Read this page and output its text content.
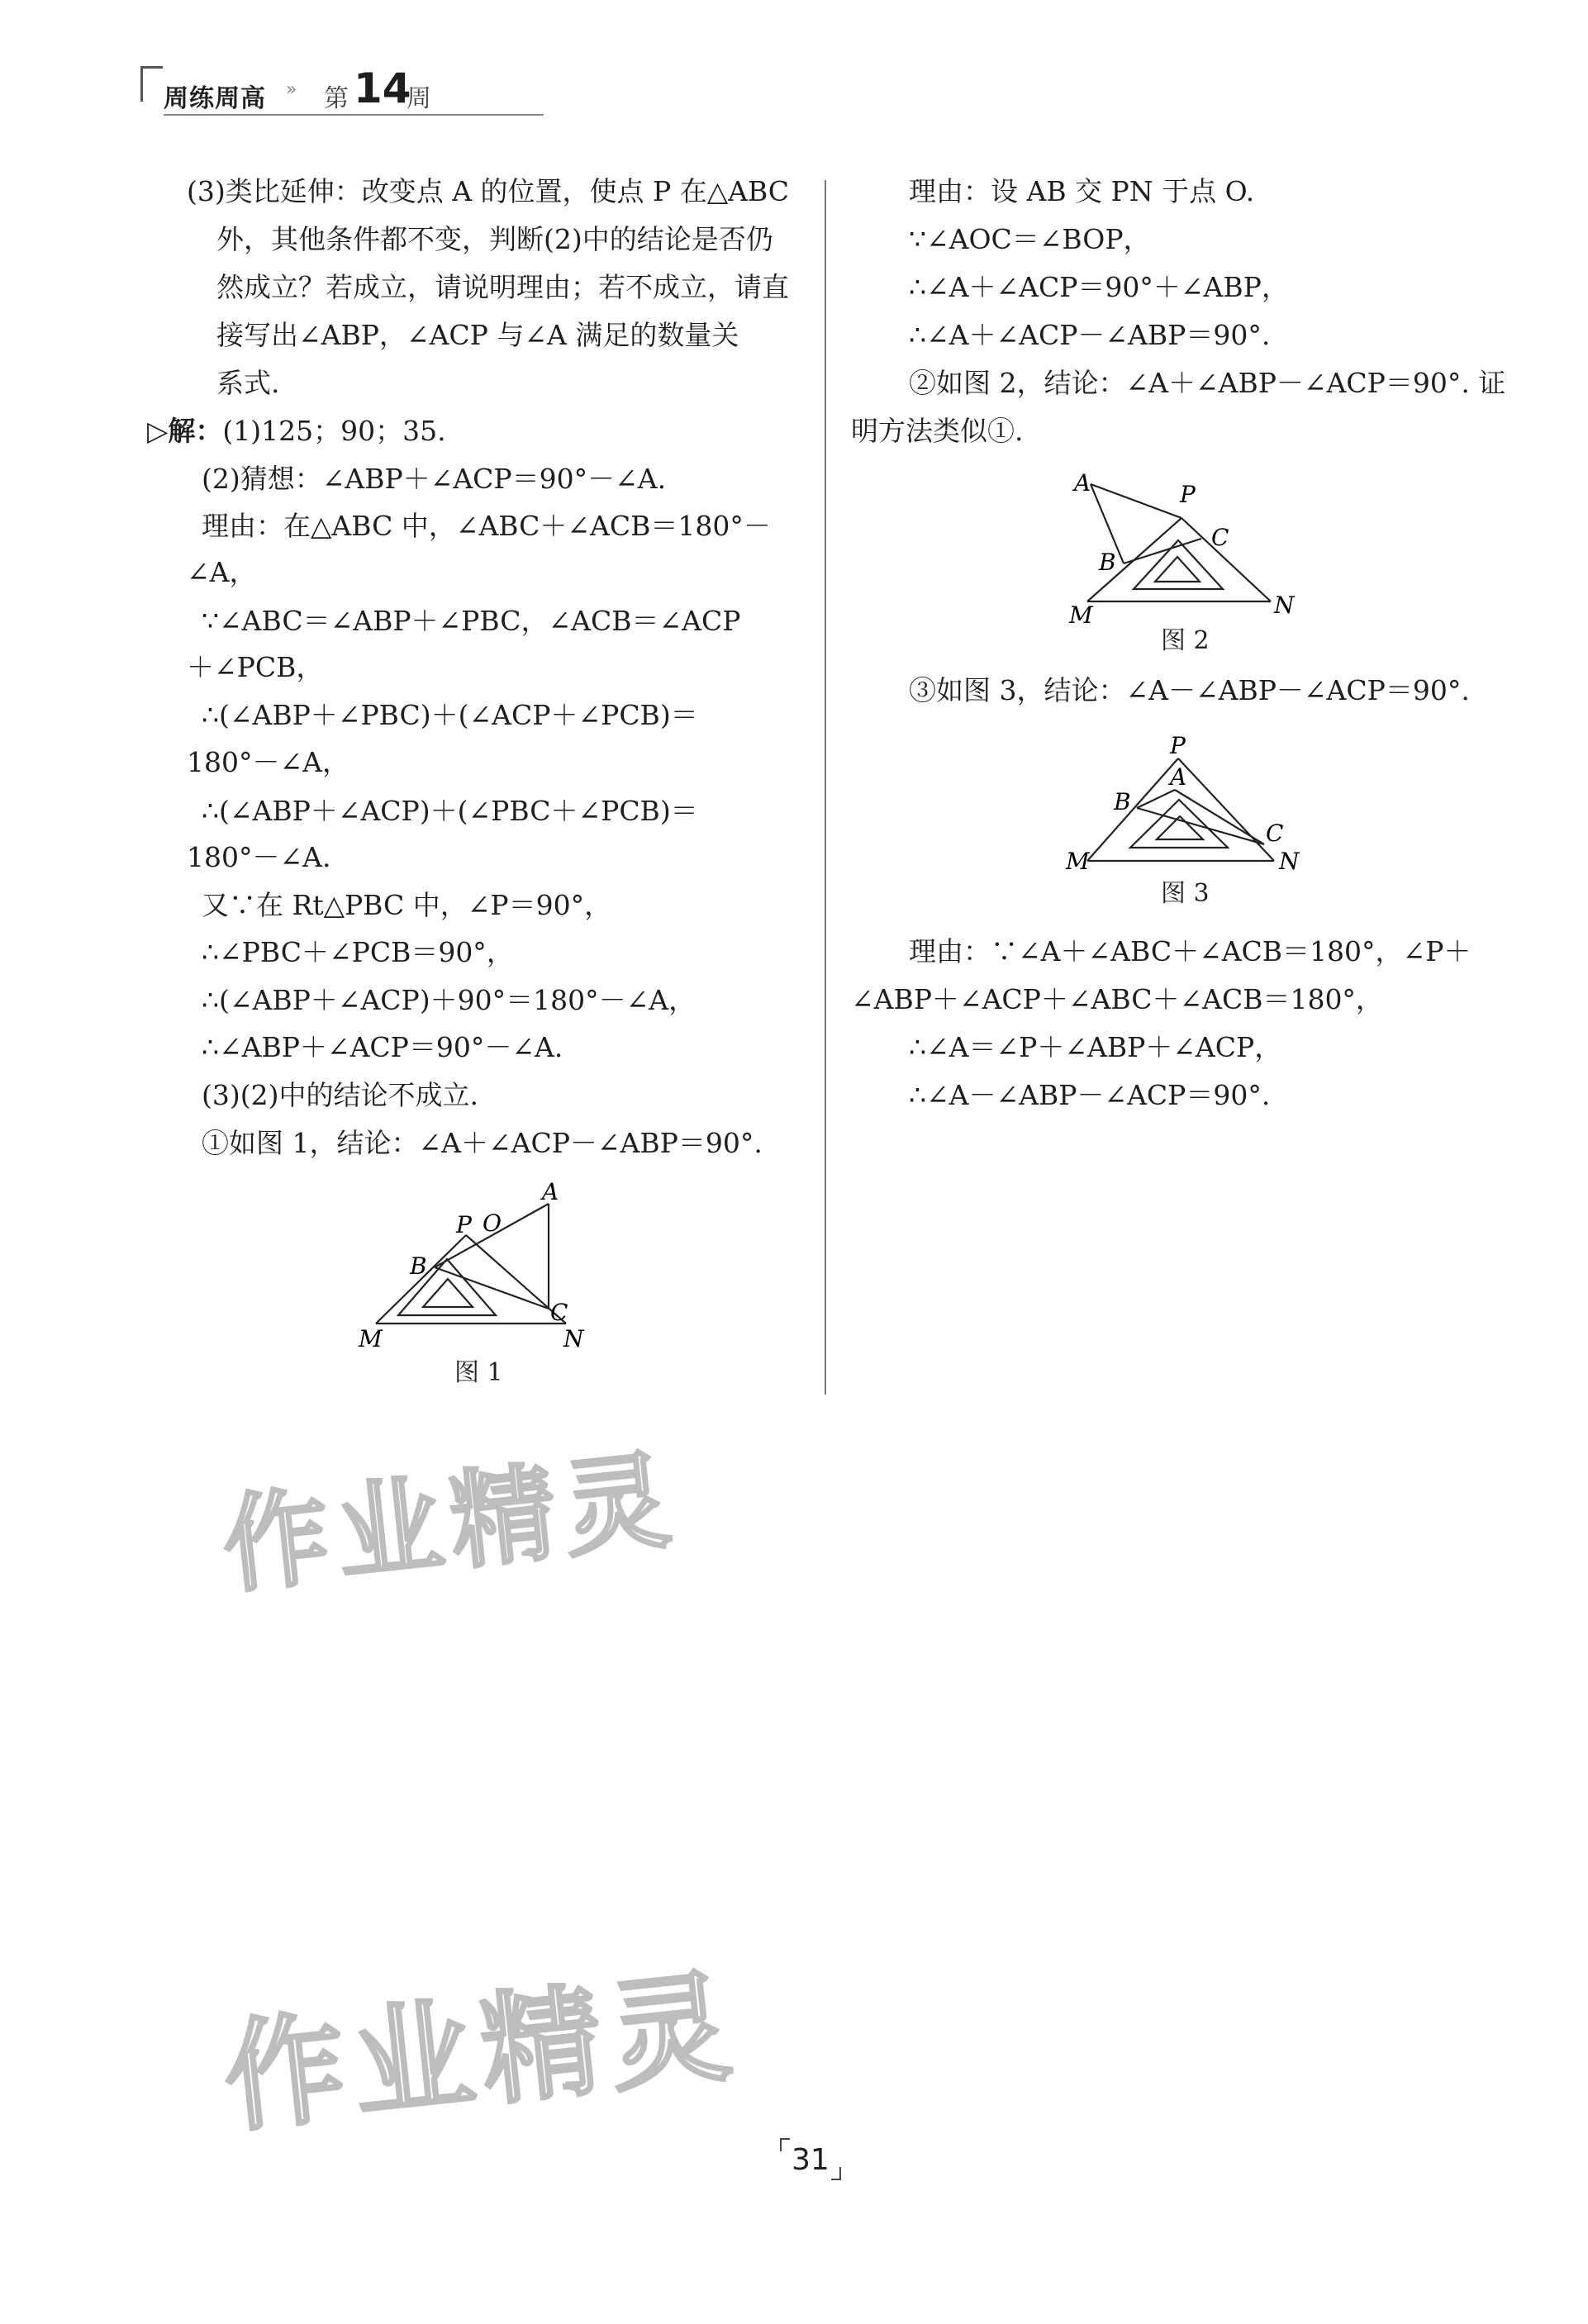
周练周高 » 第 14
周
(3)类比延伸：改变点 A 的位置，使点 P 在△ABC
外，其他条件都不变，判断(2)中的结论是否仍
然成立？若成立，请说明理由；若不成立，请直
接写出∠ABP，∠ACP 与∠A 满足的数量关
系式.
▷解：(1)125；90；35.
(2)猜想：∠ABP＋∠ACP＝90°－∠A.
理由：在△ABC 中，∠ABC＋∠ACB＝180°－
∠A，
∵∠ABC＝∠ABP＋∠PBC，∠ACB＝∠ACP
＋∠PCB，
∴(∠ABP＋∠PBC)＋(∠ACP＋∠PCB)＝
180°－∠A，
∴(∠ABP＋∠ACP)＋(∠PBC＋∠PCB)＝
180°－∠A.
又∵在 Rt△PBC 中，∠P＝90°，
∴∠PBC＋∠PCB＝90°，
∴(∠ABP＋∠ACP)＋90°＝180°－∠A，
∴∠ABP＋∠ACP＝90°－∠A.
(3)(2)中的结论不成立.
①如图 1，结论：∠A＋∠ACP－∠ABP＝90°.
P O
A
B
C
M	N
图 1
理由：设 AB 交 PN 于点 O.
∵∠AOC＝∠BOP，
∴∠A＋∠ACP＝90°＋∠ABP，
∴∠A＋∠ACP－∠ABP＝90°.
②如图 2，结论：∠A＋∠ABP－∠ACP＝90°. 证
明方法类似①.
A	P
C
B
M	N
图 2
③如图 3，结论：∠A－∠ABP－∠ACP＝90°.
P
A
B
C
M	N
图 3
理由：∵∠A＋∠ABC＋∠ACB＝180°，∠P＋
∠ABP＋∠ACP＋∠ABC＋∠ACB＝180°，
∴∠A＝∠P＋∠ABP＋∠ACP，
∴∠A－∠ABP－∠ACP＝90°.
作业精灵
作业精灵
31
